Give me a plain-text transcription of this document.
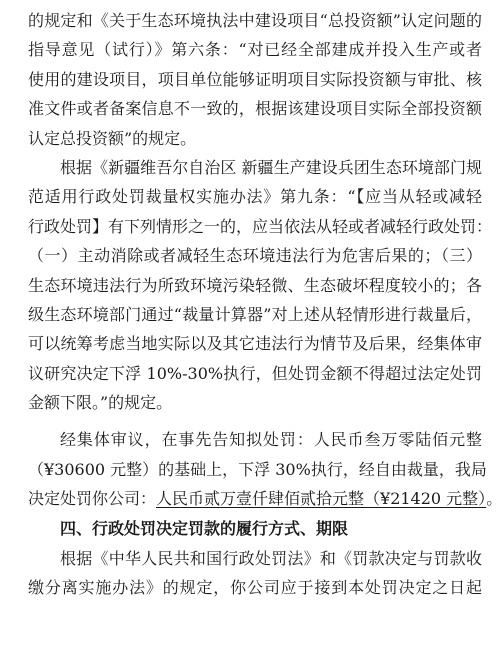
的规定和《关于生态环境执法中建设项目“总投资额”认定问题的
指导意见（试行）》第六条：“对已经全部建成并投入生产或者
使用的建设项目，项目单位能够证明项目实际投资额与审批、核
准文件或者备案信息不一致的，根据该建设项目实际全部投资额
认定总投资额”的规定。
根据《新疆维吾尔自治区 新疆生产建设兵团生态环境部门规
范适用行政处罚裁量权实施办法》第九条：“【应当从轻或减轻
行政处罚】有下列情形之一的，应当依法从轻或者减轻行政处罚：
（一）主动消除或者减轻生态环境违法行为危害后果的；（三）
生态环境违法行为所致环境污染轻微、生态破坏程度较小的；各
级生态环境部门通过“裁量计算器”对上述从轻情形进行裁量后，
可以统筹考虑当地实际以及其它违法行为情节及后果，经集体审
议研究决定下浮 10%-30%执行，但处罚金额不得超过法定处罚
金额下限。”的规定。
经集体审议，在事先告知拟处罚：人民币叁万零陆佰元整
（¥30600 元整）的基础上，下浮 30%执行，经自由裁量，我局
决定处罚你公司：人民币贰万壹仟肆佰贰拾元整（¥21420 元整）。
四、行政处罚决定罚款的履行方式、期限
根据《中华人民共和国行政处罚法》和《罚款决定与罚款收
缴分离实施办法》的规定，你公司应于接到本处罚决定之日起
